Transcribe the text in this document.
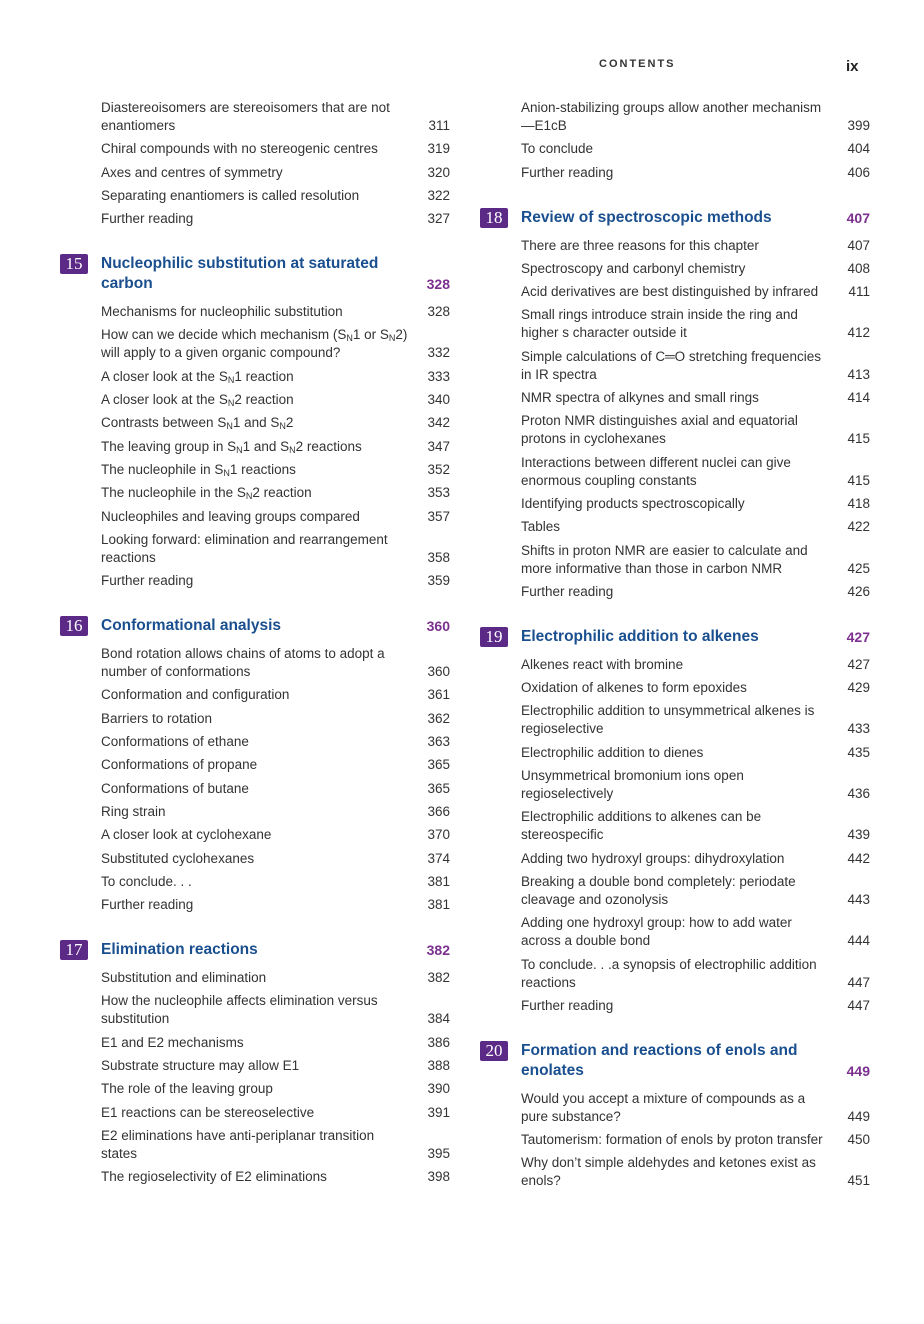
CONTENTS	ix
Diastereoisomers are stereoisomers that are not enantiomers	311
Chiral compounds with no stereogenic centres	319
Axes and centres of symmetry	320
Separating enantiomers is called resolution	322
Further reading	327
15	Nucleophilic substitution at saturated carbon	328
Mechanisms for nucleophilic substitution	328
How can we decide which mechanism ($S_N1$ or $S_N2$) will apply to a given organic compound?	332
A closer look at the $S_N1$ reaction	333
A closer look at the $S_N2$ reaction	340
Contrasts between $S_N1$ and $S_N2$	342
The leaving group in $S_N1$ and $S_N2$ reactions	347
The nucleophile in $S_N1$ reactions	352
The nucleophile in the $S_N2$ reaction	353
Nucleophiles and leaving groups compared	357
Looking forward: elimination and rearrangement reactions	358
Further reading	359
16	Conformational analysis	360
Bond rotation allows chains of atoms to adopt a number of conformations	360
Conformation and configuration	361
Barriers to rotation	362
Conformations of ethane	363
Conformations of propane	365
Conformations of butane	365
Ring strain	366
A closer look at cyclohexane	370
Substituted cyclohexanes	374
To conclude. . .	381
Further reading	381
17	Elimination reactions	382
Substitution and elimination	382
How the nucleophile affects elimination versus substitution	384
E1 and E2 mechanisms	386
Substrate structure may allow E1	388
The role of the leaving group	390
E1 reactions can be stereoselective	391
E2 eliminations have anti-periplanar transition states	395
The regioselectivity of E2 eliminations	398
Anion-stabilizing groups allow another mechanism—E1cB	399
To conclude	404
Further reading	406
18	Review of spectroscopic methods	407
There are three reasons for this chapter	407
Spectroscopy and carbonyl chemistry	408
Acid derivatives are best distinguished by infrared	411
Small rings introduce strain inside the ring and higher s character outside it	412
Simple calculations of C═O stretching frequencies in IR spectra	413
NMR spectra of alkynes and small rings	414
Proton NMR distinguishes axial and equatorial protons in cyclohexanes	415
Interactions between different nuclei can give enormous coupling constants	415
Identifying products spectroscopically	418
Tables	422
Shifts in proton NMR are easier to calculate and more informative than those in carbon NMR	425
Further reading	426
19	Electrophilic addition to alkenes	427
Alkenes react with bromine	427
Oxidation of alkenes to form epoxides	429
Electrophilic addition to unsymmetrical alkenes is regioselective	433
Electrophilic addition to dienes	435
Unsymmetrical bromonium ions open regioselectively	436
Electrophilic additions to alkenes can be stereospecific	439
Adding two hydroxyl groups: dihydroxylation	442
Breaking a double bond completely: periodate cleavage and ozonolysis	443
Adding one hydroxyl group: how to add water across a double bond	444
To conclude. . .a synopsis of electrophilic addition reactions	447
Further reading	447
20	Formation and reactions of enols and enolates	449
Would you accept a mixture of compounds as a pure substance?	449
Tautomerism: formation of enols by proton transfer	450
Why don’t simple aldehydes and ketones exist as enols?	451
